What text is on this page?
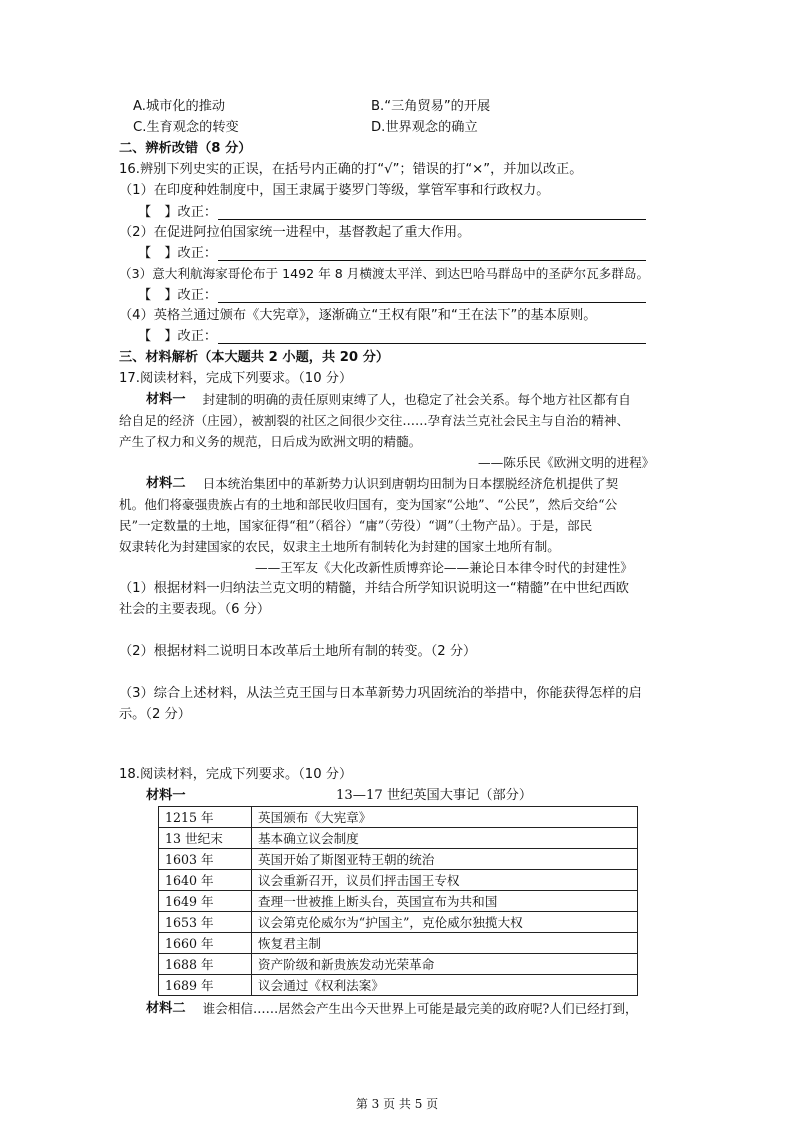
A.城市化的推动	B.“三角贸易”的开展
C.生育观念的转变	D.世界观念的确立
二、辨析改错（8 分）
16.辨别下列史实的正误，在括号内正确的打“√”；错误的打“×”，并加以改正。
（1）在印度种姓制度中，国王隶属于婆罗门等级，掌管军事和行政权力。
【　】改正：
（2）在促进阿拉伯国家统一进程中，基督教起了重大作用。
【　】改正：
（3）意大利航海家哥伦布于 1492 年 8 月横渡太平洋、到达巴哈马群岛中的圣萨尔瓦多群岛。
【　】改正：
（4）英格兰通过颁布《大宪章》，逐渐确立“王权有限”和“王在法下”的基本原则。
【　】改正：
三、材料解析（本大题共 2 小题，共 20 分）
17.阅读材料，完成下列要求。（10 分）
材料一 　封建制的明确的责任原则束缚了人，也稳定了社会关系。每个地方社区都有自
给自足的经济（庄园），被割裂的社区之间很少交往……孕育法兰克社会民主与自治的精神、
产生了权力和义务的规范，日后成为欧洲文明的精髓。
——陈乐民《欧洲文明的进程》
材料二 　日本统治集团中的革新势力认识到唐朝均田制为日本摆脱经济危机提供了契
机。他们将豪强贵族占有的土地和部民收归国有，变为国家“公地”、“公民”，然后交给“公
民”一定数量的土地，国家征得“租”（稻谷）“庸”（劳役）“调”（土物产品）。于是，部民
奴隶转化为封建国家的农民，奴隶主土地所有制转化为封建的国家土地所有制。
——王军友《大化改新性质博弈论——兼论日本律令时代的封建性》
（1）根据材料一归纳法兰克文明的精髓，并结合所学知识说明这一“精髓”在中世纪西欧
社会的主要表现。（6 分）
（2）根据材料二说明日本改革后土地所有制的转变。（2 分）
（3）综合上述材料，从法兰克王国与日本革新势力巩固统治的举措中，你能获得怎样的启
示。（2 分）
18.阅读材料，完成下列要求。（10 分）
材料一	13—17 世纪英国大事记（部分）
1215 年	英国颁布《大宪章》
13 世纪末	基本确立议会制度
1603 年	英国开始了斯图亚特王朝的统治
1640 年	议会重新召开，议员们抨击国王专权
1649 年	查理一世被推上断头台，英国宣布为共和国
1653 年	议会第克伦威尔为“护国主”，克伦威尔独揽大权
1660 年	恢复君主制
1688 年	资产阶级和新贵族发动光荣革命
1689 年	议会通过《权利法案》
材料二 　谁会相信……居然会产生出今天世界上可能是最完美的政府呢?人们已经打到，
第 3 页 共 5 页
